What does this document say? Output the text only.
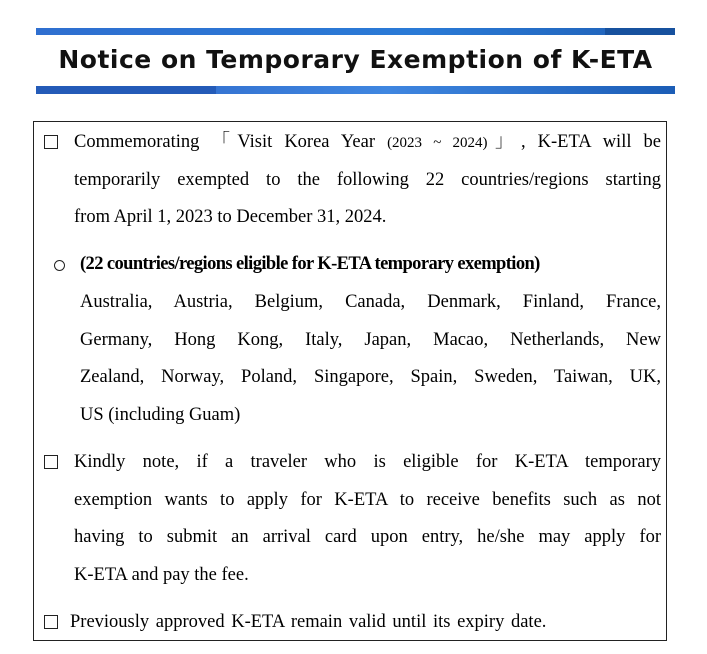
Notice on Temporary Exemption of K-ETA
Commemorating 「Visit Korea Year (2023 ~ 2024)」, K-ETA will be
temporarily exempted to the following 22 countries/regions starting
from April 1, 2023 to December 31, 2024.
(22 countries/regions eligible for K-ETA temporary exemption)
Australia, Austria, Belgium, Canada, Denmark, Finland, France,
Germany, Hong Kong, Italy, Japan, Macao, Netherlands, New
Zealand, Norway, Poland, Singapore, Spain, Sweden, Taiwan, UK,
US (including Guam)
Kindly note, if a traveler who is eligible for K-ETA temporary
exemption wants to apply for K-ETA to receive benefits such as not
having to submit an arrival card upon entry, he/she may apply for
K-ETA and pay the fee.
Previously approved K-ETA remain valid until its expiry date.
